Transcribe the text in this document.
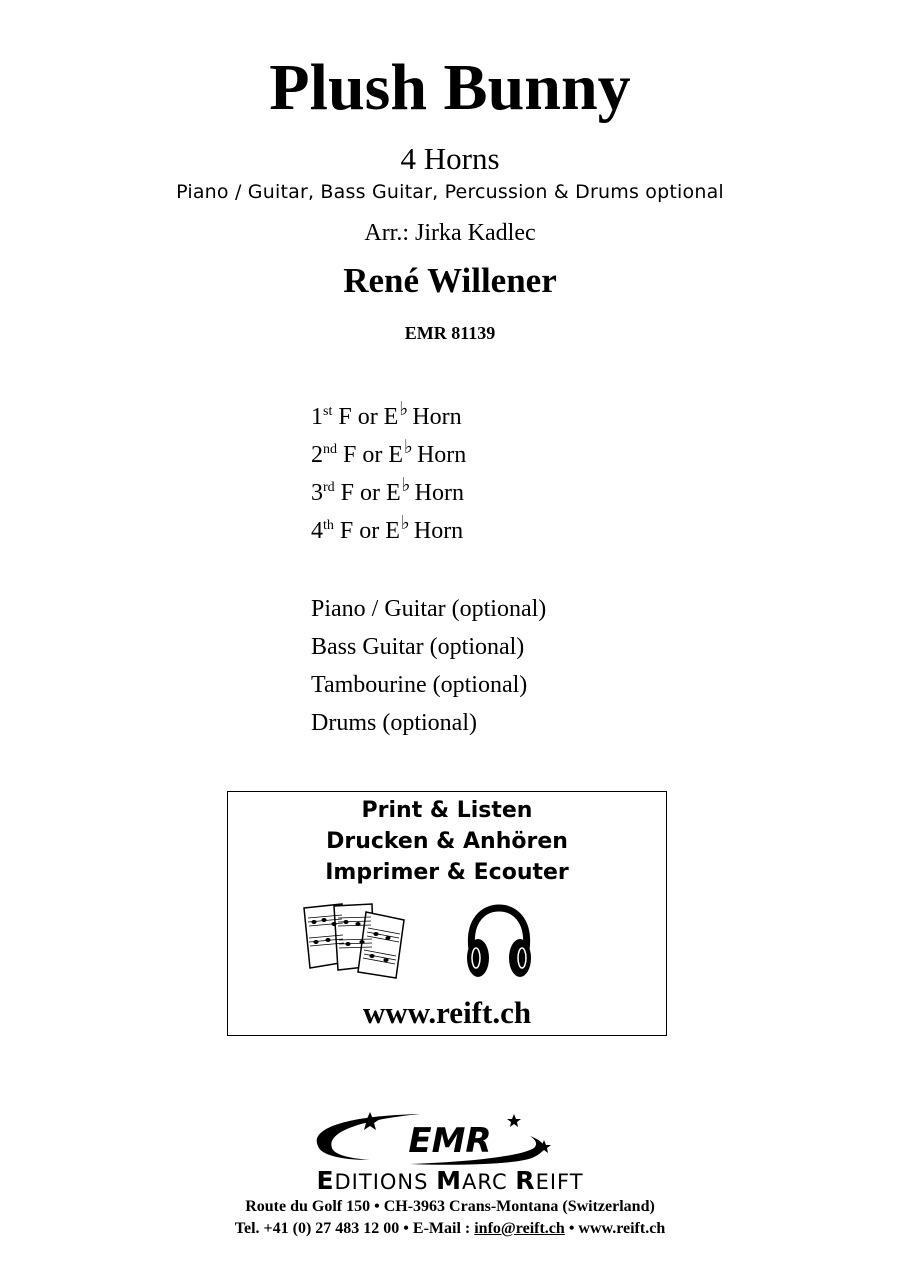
Plush Bunny
4 Horns
Piano / Guitar, Bass Guitar, Percussion & Drums optional
Arr.: Jirka Kadlec
René Willener
EMR 81139
1st F or E♭ Horn
2nd F or E♭ Horn
3rd F or E♭ Horn
4th F or E♭ Horn
Piano / Guitar (optional)
Bass Guitar (optional)
Tambourine (optional)
Drums (optional)
Print & Listen
Drucken & Anhören
Imprimer & Ecouter
www.reift.ch
EMR
EDITIONS MARC REIFT
Route du Golf 150 • CH-3963 Crans-Montana (Switzerland)
Tel. +41 (0) 27 483 12 00 • E-Mail : info@reift.ch • www.reift.ch
